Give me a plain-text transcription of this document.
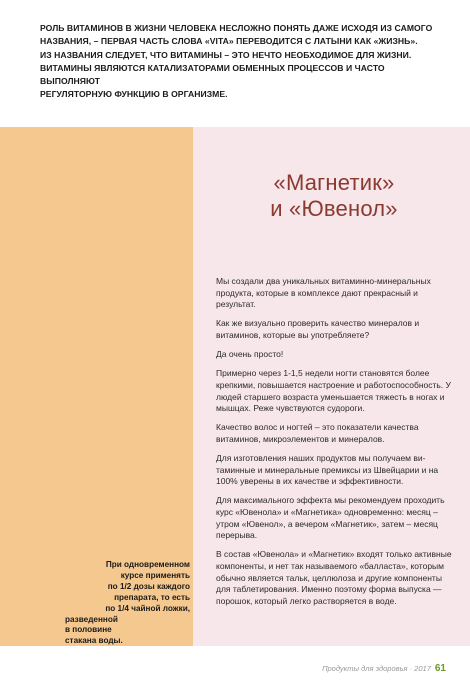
РОЛЬ ВИТАМИНОВ В ЖИЗНИ ЧЕЛОВЕКА НЕСЛОЖНО ПОНЯТЬ ДАЖЕ ИСХОДЯ ИЗ САМОГО
НАЗВАНИЯ, – ПЕРВАЯ ЧАСТЬ СЛОВА «VITA» ПЕРЕВОДИТСЯ С ЛАТЫНИ КАК «ЖИЗНЬ».
ИЗ НАЗВАНИЯ СЛЕДУЕТ, ЧТО ВИТАМИНЫ – ЭТО НЕЧТО НЕОБХОДИМОЕ ДЛЯ ЖИЗНИ.
ВИТАМИНЫ ЯВЛЯЮТСЯ КАТАЛИЗАТОРАМИ ОБМЕННЫХ ПРОЦЕССОВ И ЧАСТО ВЫПОЛНЯЮТ
РЕГУЛЯТОРНУЮ ФУНКЦИЮ В ОРГАНИЗМЕ.
«Магнетик»
и «Ювенол»

Мы создали два уникальных витаминно-минеральных продукта, которые в комплексе дают прекрасный и результат.

Как же визуально проверить качество минералов и витаминов, которые вы употребляете?

Да очень просто!

Примерно через 1-1,5 недели ногти становятся более крепкими, повышается настроение и работоспособность. У людей старшего возраста уменьшается тяжесть в ногах и мышцах. Реже чувствуются судороги.

Качество волос и ногтей – это показатели качества витаминов, микроэлементов и минералов.

Для изготовления наших продуктов мы получаем витаминные и минеральные премиксы из Швейцарии и на 100% уверены в их качестве и эффективности.

Для максимального эффекта мы рекомендуем проходить курс «Ювенола» и «Магнетика» одновременно: месяц – утром «Ювенол», а вечером «Магнетик», затем – месяц перерыва.

В состав «Ювенола» и «Магнетик» входят только активные компоненты, и нет так называемого «балласта», которым обычно является тальк, целлюлоза и другие компоненты для таблетирования. Именно поэтому форма выпуска — порошок, который легко растворяется в воде.

При одновременном
курсе применять
по 1/2 дозы каждого
препарата, то есть
по 1/4 чайной ложки,
разведенной
в половине
стакана воды.
Продукты для здоровья · 2017 61
